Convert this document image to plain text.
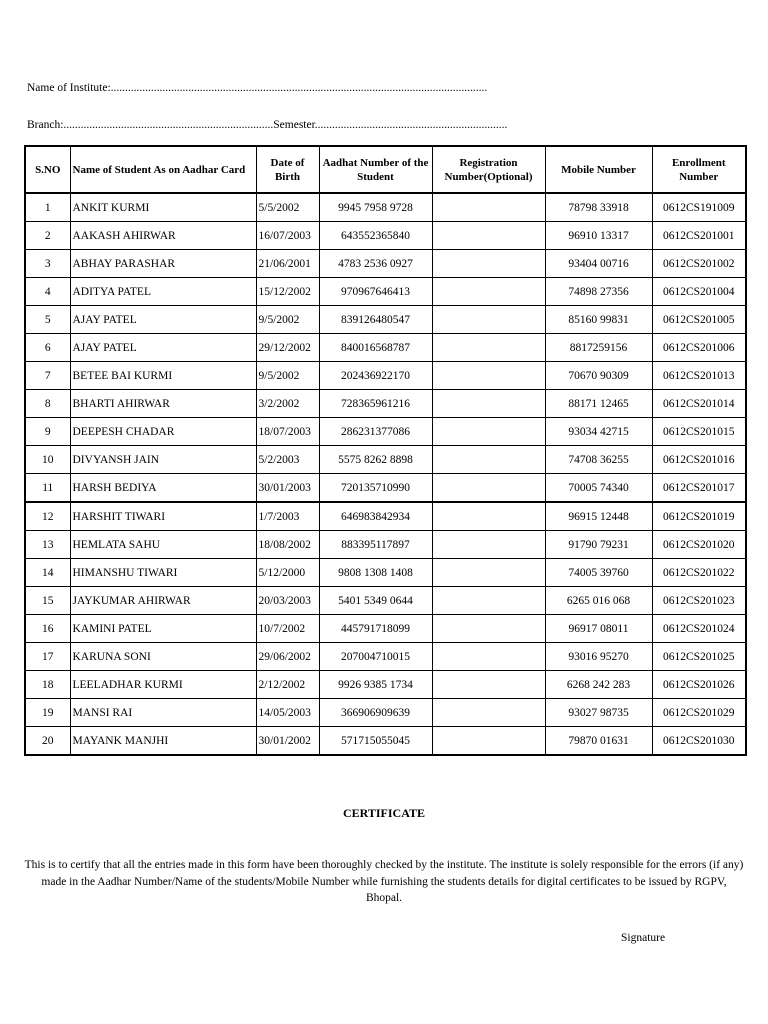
Name of Institute:...................................................................................................................................
Branch:.........................................................................Semester...................................................................
S.NO	Name of Student As on Aadhar Card	Date of Birth	Aadhat Number of the Student	Registration Number(Optional)	Mobile Number	Enrollment Number
1	ANKIT KURMI	5/5/2002	9945 7958 9728		78798 33918	0612CS191009
2	AAKASH AHIRWAR	16/07/2003	643552365840		96910 13317	0612CS201001
3	ABHAY PARASHAR	21/06/2001	4783 2536 0927		93404 00716	0612CS201002
4	ADITYA PATEL	15/12/2002	970967646413		74898 27356	0612CS201004
5	AJAY PATEL	9/5/2002	839126480547		85160 99831	0612CS201005
6	AJAY PATEL	29/12/2002	840016568787		8817259156	0612CS201006
7	BETEE BAI KURMI	9/5/2002	202436922170		70670 90309	0612CS201013
8	BHARTI AHIRWAR	3/2/2002	728365961216		88171 12465	0612CS201014
9	DEEPESH CHADAR	18/07/2003	286231377086		93034 42715	0612CS201015
10	DIVYANSH JAIN	5/2/2003	5575 8262 8898		74708 36255	0612CS201016
11	HARSH BEDIYA	30/01/2003	720135710990		70005 74340	0612CS201017
12	HARSHIT TIWARI	1/7/2003	646983842934		96915 12448	0612CS201019
13	HEMLATA SAHU	18/08/2002	883395117897		91790 79231	0612CS201020
14	HIMANSHU TIWARI	5/12/2000	9808 1308 1408		74005 39760	0612CS201022
15	JAYKUMAR AHIRWAR	20/03/2003	5401 5349 0644		6265 016 068	0612CS201023
16	KAMINI PATEL	10/7/2002	445791718099		96917 08011	0612CS201024
17	KARUNA SONI	29/06/2002	207004710015		93016 95270	0612CS201025
18	LEELADHAR KURMI	2/12/2002	9926 9385 1734		6268 242 283	0612CS201026
19	MANSI RAI	14/05/2003	366906909639		93027 98735	0612CS201029
20	MAYANK MANJHI	30/01/2002	571715055045		79870 01631	0612CS201030
CERTIFICATE
This is to certify that all the entries made in this form have been thoroughly checked by the institute. The institute is solely responsible for the errors (if any) made in the Aadhar Number/Name of the students/Mobile Number while furnishing the students details for digital certificates to be issued by RGPV, Bhopal.
Signature
